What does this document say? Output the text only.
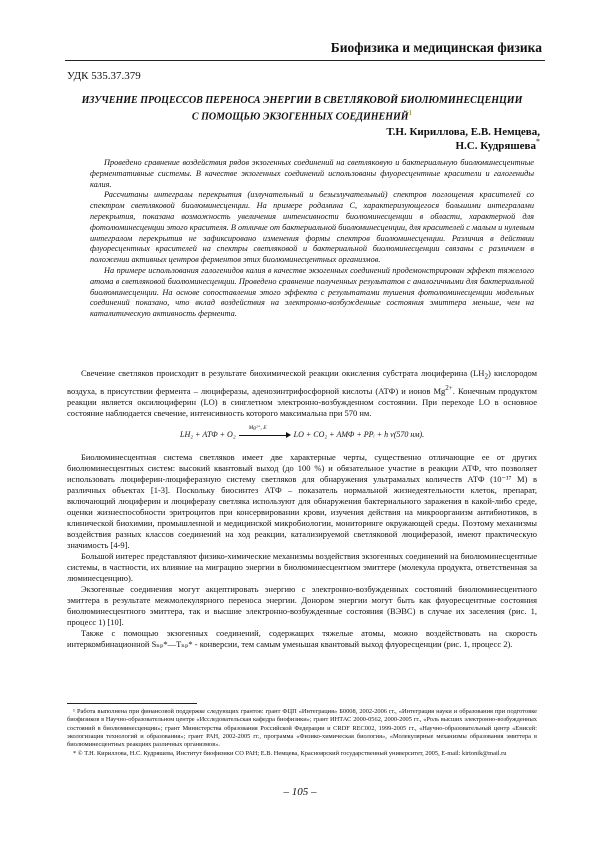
Биофизика и медицинская физика
УДК 535.37.379
ИЗУЧЕНИЕ ПРОЦЕССОВ ПЕРЕНОСА ЭНЕРГИИ В СВЕТЛЯКОВОЙ БИОЛЮМИНЕСЦЕНЦИИ
С ПОМОЩЬЮ ЭКЗОГЕННЫХ СОЕДИНЕНИЙ$^1$
Т.Н. Кириллова, Е.В. Немцева,
Н.С. Кудряшева*

Проведено сравнение воздействия рядов экзогенных соединений на светляковую и бактериальную биолюминесцентные ферментативные системы. В качестве экзогенных соединений использованы флуоресцентные красители и галогениды калия.

Рассчитаны интегралы перекрытия (излучательный и безызлучательный) спектров поглощения красителей со спектром светляковой биолюминесценции. На примере родамина С, характеризующегося большими интегралами перекрытия, показана возможность увеличения интенсивности биолюминесценции в области, характерной для фотолюминесценции этого красителя. В отличие от бактериальной биолюминесценции, для красителей с малым и нулевым интегралом перекрытия не зафиксировано изменения формы спектров биолюминесценции. Различия в действии флуоресцентных красителей на спектры светляковой и бактериальной биолюминесценции связаны с различием в положении активных центров ферментов этих биолюминесцентных организмов.

На примере использования галогенидов калия в качестве экзогенных соединений продемонстрирован эффект тяжелого атома в светляковой биолюминесценции. Проведено сравнение полученных результатов с аналогичными для бактериальной биолюминесценции. На основе сопоставления этого эффекта с результатами тушения фотолюминесценции модельных соединений показано, что вклад воздействия на электронно-возбужденные состояния эмиттера меньше, чем на каталитическую активность фермента.

Свечение светляков происходит в результате биохимической реакции окисления субстрата люциферина $(LH_2)$ кислородом воздуха, в присутствии фермента – люциферазы, аденозинтрифосфорной кислоты (АТФ) и ионов $Mg^{2+}$. Конечным продуктом реакции является оксилюциферин (LO) в синглетном электронно-возбужденном состоянии. При переходе LO в основное состояние наблюдается свечение, интенсивность которого максимальна при 570 нм.

LH₂ + АТФ + O₂
Mg²⁺, E
LO + CO₂ + АМФ + PPᵢ + h ν(570 нм).

Биолюминесцентная система светляков имеет две характерные черты, существенно отличающие ее от других биолюминесцентных систем: высокий квантовый выход (до 100 %) и обязательное участие в реакции АТФ, что позволяет использовать люциферин-люциферазную систему светляков для обнаружения ультрамалых количеств АТФ (10⁻¹⁷ М) в различных объектах [1-3]. Поскольку биосинтез АТФ – показатель нормальной жизнедеятельности клеток, препарат, включающий люциферин и люциферазу светляка используют для обнаружения бактериального заражения в какой-либо среде, оценки жизнеспособности эритроцитов при консервировании крови, изучения действия на микроорганизм антибиотиков, в клинической биохимии, промышленной и медицинской микробиологии, мониторинге окружающей среды. Поэтому механизмы воздействия разных классов соединений на ход реакции, катализируемой светляковой люциферазой, имеют практическую значимость [4-9].

Большой интерес представляют физико-химические механизмы воздействия экзогенных соединений на биолюминесцентные системы, в частности, их влияние на миграцию энергии в биолюминесцентном эмиттере (молекула продукта, ответственная за люминесценцию).

Экзогенные соединения могут акцептировать энергию с электронно-возбужденных состояний биолюминесцентного эмиттера в результате межмолекулярного переноса энергии. Донором энергии могут быть как флуоресцентные состояния биолюминесцентного эмиттера, так и высшие электронно-возбужденные состояния (ВЭВС) в случае их заселения (рис. 1, процесс 1) [10].

Также с помощью экзогенных соединений, содержащих тяжелые атомы, можно воздействовать на скорость интеркомбинационной Sₙₚ*—Tₙₚ* - конверсии, тем самым уменьшая квантовый выход флуоресценции (рис. 1, процесс 2).

¹ Работа выполнена при финансовой поддержке следующих грантов: грант ФЦП «Интеграция» Б0008, 2002-2006 гг., «Интеграция науки и образования при подготовке биофизиков в Научно-образовательном центре «Исследовательская кафедра биофизики»; грант ИНТАС 2000-0562, 2000-2005 гг., «Роль высших электронно-возбужденных состояний в биолюминесценции»; грант Министерства образования Российской Федерации и CRDF REC002, 1999-2005 гг., «Научно-образовательный центр «Енисей: экологизация технологий и образования»; грант РАН, 2002-2005 гг., программа «Физико-химическая биология», «Молекулярные механизмы образования эмиттера в биолюминесцентных реакциях различных организмов».

* © Т.Н. Кириллова, Н.С. Кудряшева, Институт биофизики СО РАН; Е.В. Немцева, Красноярский государственный университет, 2005, E-mail: kirtonik@mail.ru

– 105 –
